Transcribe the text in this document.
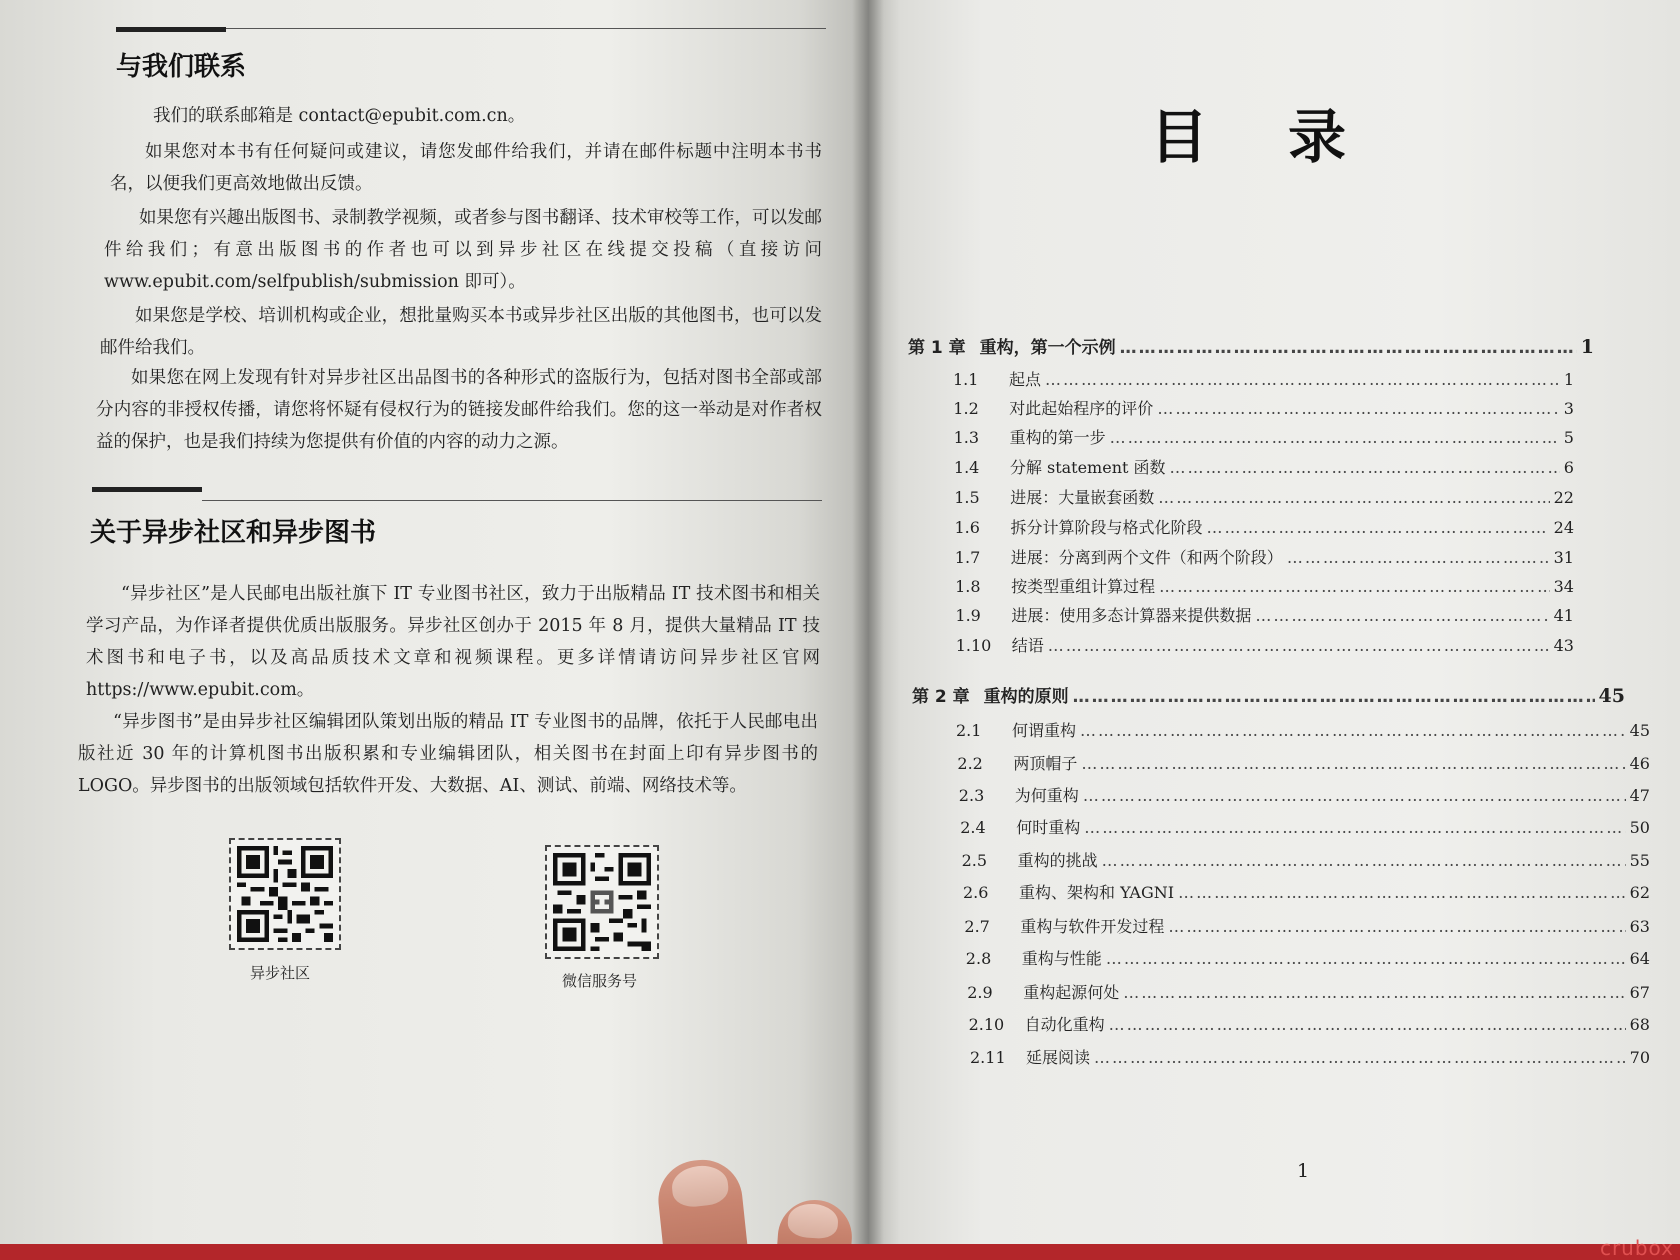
与我们联系

我们的联系邮箱是 contact@epubit.com.cn。

如果您对本书有任何疑问或建议，请您发邮件给我们，并请在邮件标题中注明本书书名，以便我们更高效地做出反馈。

如果您有兴趣出版图书、录制教学视频，或者参与图书翻译、技术审校等工作，可以发邮件给我们；有意出版图书的作者也可以到异步社区在线提交投稿（直接访问 www.epubit.com/selfpublish/submission 即可）。

如果您是学校、培训机构或企业，想批量购买本书或异步社区出版的其他图书，也可以发邮件给我们。

如果您在网上发现有针对异步社区出品图书的各种形式的盗版行为，包括对图书全部或部分内容的非授权传播，请您将怀疑有侵权行为的链接发邮件给我们。您的这一举动是对作者权益的保护，也是我们持续为您提供有价值的内容的动力之源。

关于异步社区和异步图书

“异步社区”是人民邮电出版社旗下 IT 专业图书社区，致力于出版精品 IT 技术图书和相关学习产品，为作译者提供优质出版服务。异步社区创办于 2015 年 8 月，提供大量精品 IT 技术图书和电子书，以及高品质技术文章和视频课程。更多详情请访问异步社区官网 https://www.epubit.com。

“异步图书”是由异步社区编辑团队策划出版的精品 IT 专业图书的品牌，依托于人民邮电出版社近 30 年的计算机图书出版积累和专业编辑团队，相关图书在封面上印有异步图书的 LOGO。异步图书的出版领域包括软件开发、大数据、AI、测试、前端、网络技术等。

异步社区	微信服务号
目录
第 1 章 重构，第一个示例 ……………………………………………………………………………………………………………………………………………………………………	1
1.1	起点 ……………………………………………………………………………………………………………………………………………………………………	1
1.2	对此起始程序的评价 ……………………………………………………………………………………………………………………………………………………………………	3
1.3	重构的第一步 ……………………………………………………………………………………………………………………………………………………………………	5
1.4	分解 statement 函数 ……………………………………………………………………………………………………………………………………………………………………	6
1.5	进展：大量嵌套函数 ……………………………………………………………………………………………………………………………………………………………………	22
1.6	拆分计算阶段与格式化阶段 ……………………………………………………………………………………………………………………………………………………………………	24
1.7	进展：分离到两个文件（和两个阶段） ……………………………………………………………………………………………………………………………………………………………………	31
1.8	按类型重组计算过程 ……………………………………………………………………………………………………………………………………………………………………	34
1.9	进展：使用多态计算器来提供数据 ……………………………………………………………………………………………………………………………………………………………………	41
1.10	结语 ……………………………………………………………………………………………………………………………………………………………………	43
第 2 章 重构的原则 ……………………………………………………………………………………………………………………………………………………………………	45
2.1	何谓重构 ……………………………………………………………………………………………………………………………………………………………………	45
2.2	两顶帽子 ……………………………………………………………………………………………………………………………………………………………………	46
2.3	为何重构 ……………………………………………………………………………………………………………………………………………………………………	47
2.4	何时重构 ……………………………………………………………………………………………………………………………………………………………………	50
2.5	重构的挑战 ……………………………………………………………………………………………………………………………………………………………………	55
2.6	重构、架构和 YAGNI ……………………………………………………………………………………………………………………………………………………………………	62
2.7	重构与软件开发过程 ……………………………………………………………………………………………………………………………………………………………………	63
2.8	重构与性能 ……………………………………………………………………………………………………………………………………………………………………	64
2.9	重构起源何处 ……………………………………………………………………………………………………………………………………………………………………	67
2.10	自动化重构 ……………………………………………………………………………………………………………………………………………………………………	68
2.11	延展阅读 ……………………………………………………………………………………………………………………………………………………………………	70
1
crubox
